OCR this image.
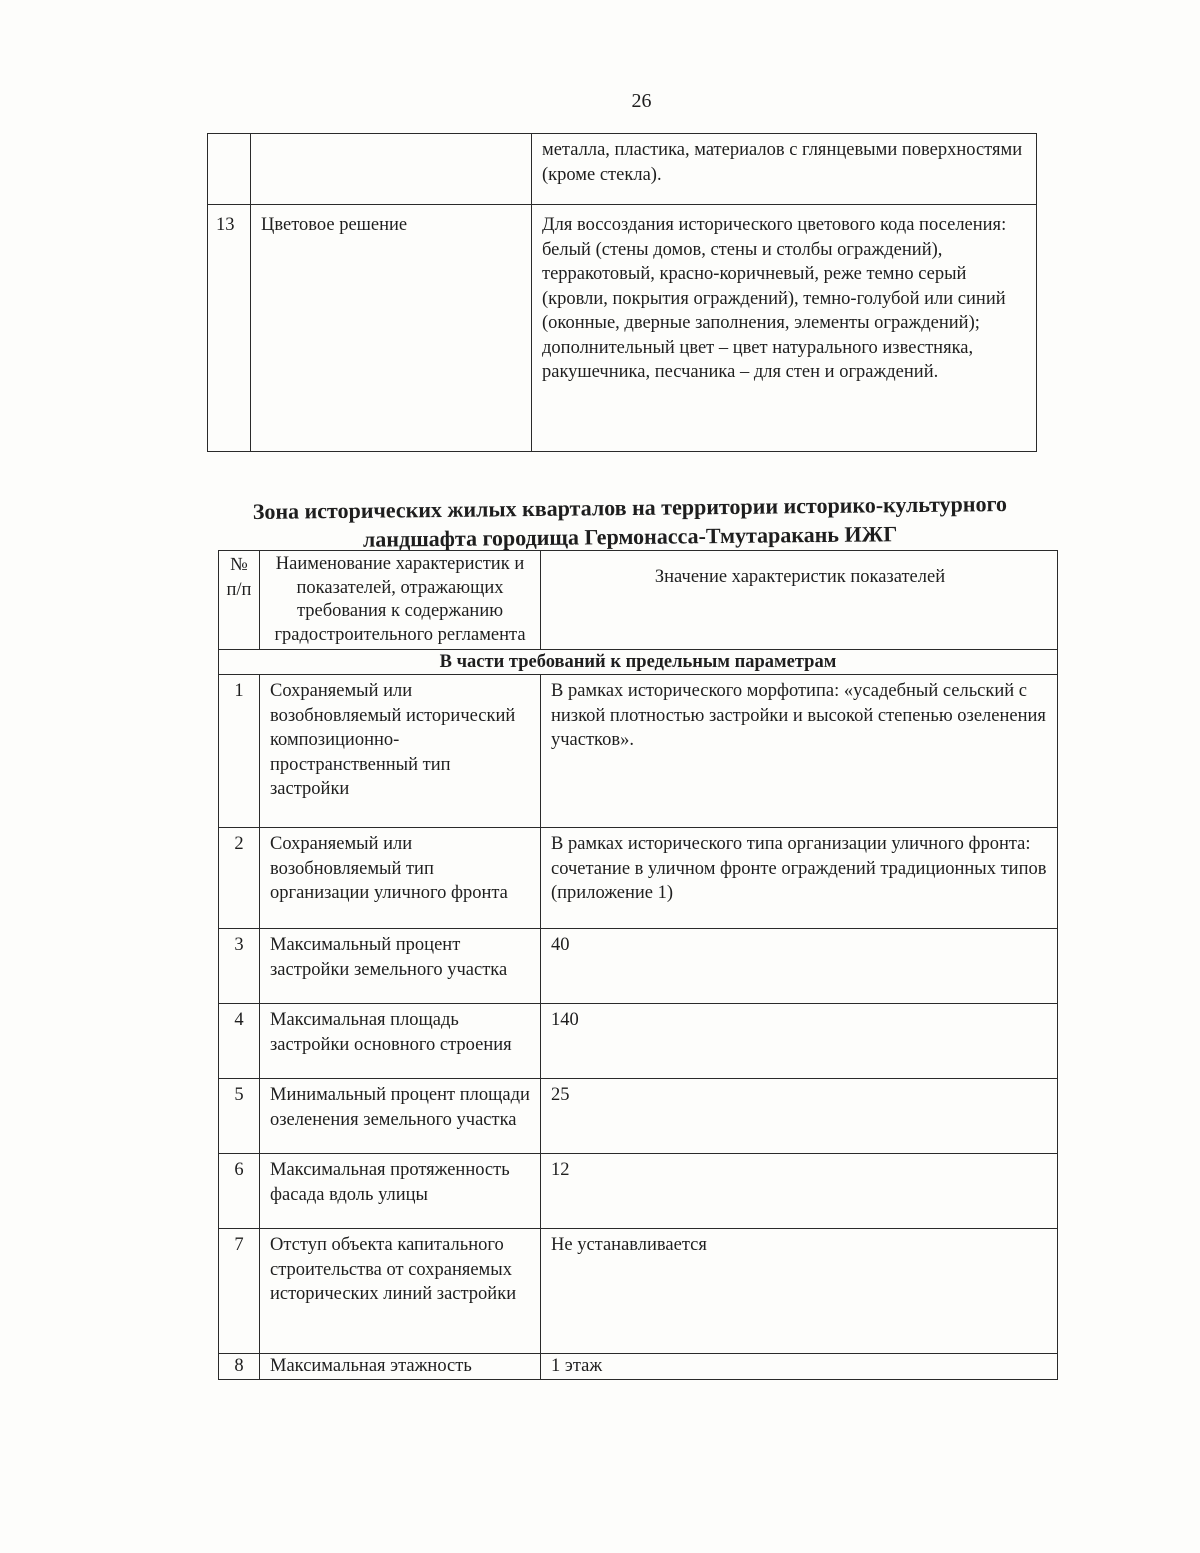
26
		металла, пластика, материалов с глянцевыми поверхностями (кроме стекла).
13	Цветовое решение	Для воссоздания исторического цветового кода поселения:
белый (стены домов, стены и столбы ограждений), терракотовый, красно-коричневый, реже темно серый (кровли, покрытия ограждений), темно-голубой или синий (оконные, дверные заполнения, элементы ограждений); дополнительный цвет – цвет натурального известняка, ракушечника, песчаника – для стен и ограждений.
Зона исторических жилых кварталов на территории историко-культурного ландшафта городища Гермонасса-Тмутаракань ИЖГ
№ п/п	Наименование характеристик и показателей, отражающих требования к содержанию градостроительного регламента	Значение характеристик показателей
В части требований к предельным параметрам		
1	Сохраняемый или возобновляемый исторический композиционно-пространственный тип застройки	В рамках исторического морфотипа: «усадебный сельский с низкой плотностью застройки и высокой степенью озеленения участков».
2	Сохраняемый или возобновляемый тип организации уличного фронта	В рамках исторического типа организации уличного фронта: сочетание в уличном фронте ограждений традиционных типов (приложение 1)
3	Максимальный процент застройки земельного участка	40
4	Максимальная площадь застройки основного строения	140
5	Минимальный процент площади озеленения земельного участка	25
6	Максимальная протяженность фасада вдоль улицы	12
7	Отступ объекта капитального строительства от сохраняемых исторических линий застройки	Не устанавливается
8	Максимальная этажность	1 этаж
